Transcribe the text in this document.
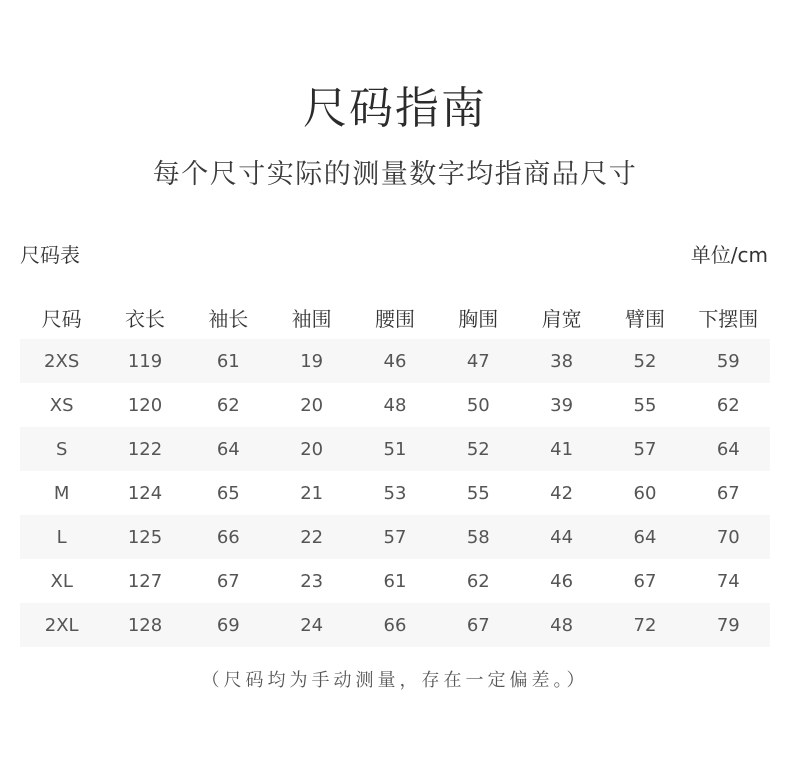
尺码指南
每个尺寸实际的测量数字均指商品尺寸
尺码表	单位/cm
尺码	衣长	袖长	袖围	腰围	胸围	肩宽	臂围	下摆围
2XS	119	61	19	46	47	38	52	59
XS	120	62	20	48	50	39	55	62
S	122	64	20	51	52	41	57	64
M	124	65	21	53	55	42	60	67
L	125	66	22	57	58	44	64	70
XL	127	67	23	61	62	46	67	74
2XL	128	69	24	66	67	48	72	79
（尺码均为手动测量，存在一定偏差。）
